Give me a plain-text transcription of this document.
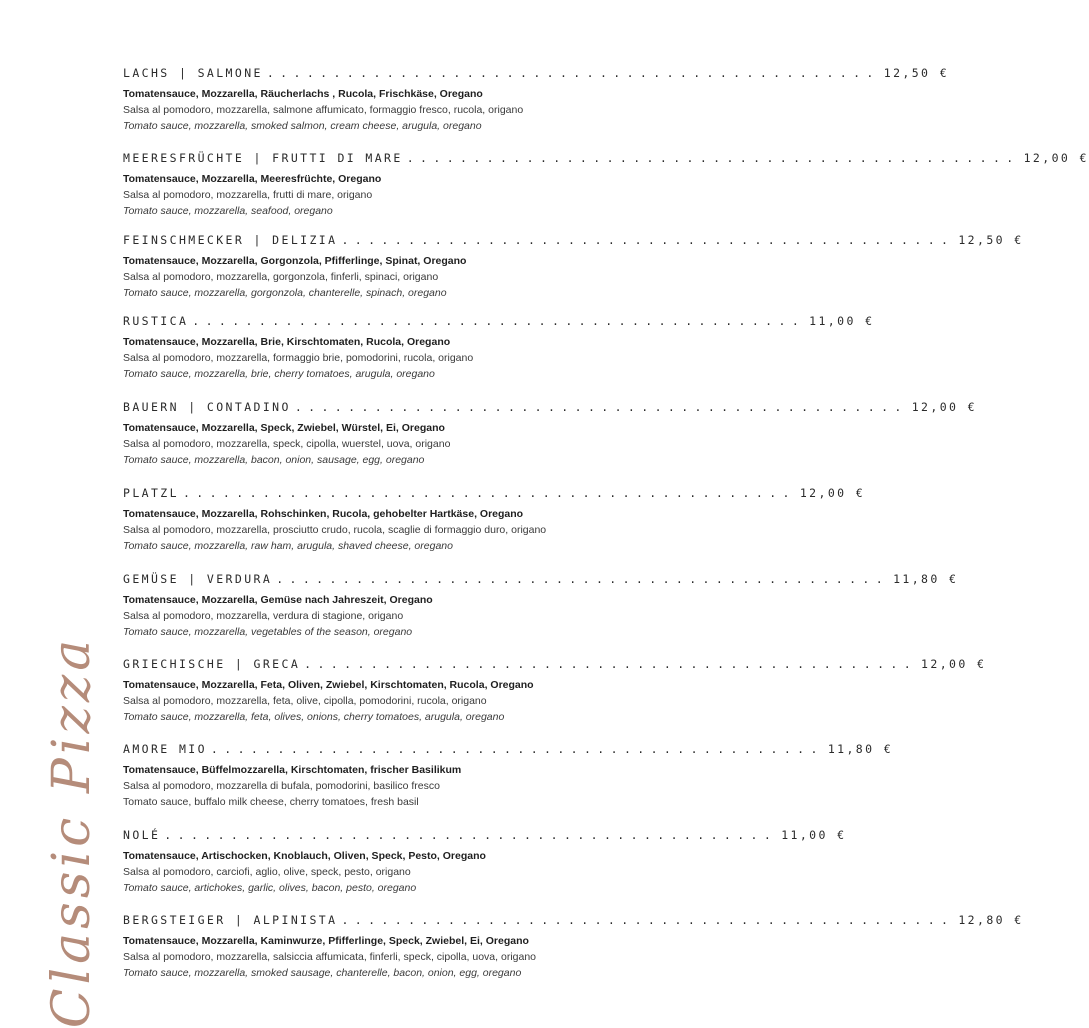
Classic Pizza
LACHS | SALMONE .............................................. 12,50 €
Tomatensauce, Mozzarella, Räucherlachs , Rucola, Frischkäse, Oregano
Salsa al pomodoro, mozzarella, salmone affumicato, formaggio fresco, rucola, origano
Tomato sauce, mozzarella, smoked salmon, cream cheese, arugula, oregano
MEERESFRÜCHTE | FRUTTI DI MARE .............................................. 12,00 €
Tomatensauce, Mozzarella, Meeresfrüchte, Oregano
Salsa al pomodoro, mozzarella, frutti di mare, origano
Tomato sauce, mozzarella, seafood, oregano
FEINSCHMECKER | DELIZIA .............................................. 12,50 €
Tomatensauce, Mozzarella, Gorgonzola, Pfifferlinge, Spinat, Oregano
Salsa al pomodoro, mozzarella, gorgonzola, finferli, spinaci, origano
Tomato sauce, mozzarella, gorgonzola, chanterelle, spinach, oregano
RUSTICA .............................................. 11,00 €
Tomatensauce, Mozzarella, Brie, Kirschtomaten, Rucola, Oregano
Salsa al pomodoro, mozzarella, formaggio brie, pomodorini, rucola, origano
Tomato sauce, mozzarella, brie, cherry tomatoes, arugula, oregano
BAUERN | CONTADINO .............................................. 12,00 €
Tomatensauce, Mozzarella, Speck, Zwiebel, Würstel, Ei, Oregano
Salsa al pomodoro, mozzarella, speck, cipolla, wuerstel, uova, origano
Tomato sauce, mozzarella, bacon, onion, sausage, egg, oregano
PLATZL .............................................. 12,00 €
Tomatensauce, Mozzarella, Rohschinken, Rucola, gehobelter Hartkäse, Oregano
Salsa al pomodoro, mozzarella, prosciutto crudo, rucola, scaglie di formaggio duro, origano
Tomato sauce, mozzarella, raw ham, arugula, shaved cheese, oregano
GEMÜSE | VERDURA .............................................. 11,80 €
Tomatensauce, Mozzarella, Gemüse nach Jahreszeit, Oregano
Salsa al pomodoro, mozzarella, verdura di stagione, origano
Tomato sauce, mozzarella, vegetables of the season, oregano
GRIECHISCHE | GRECA .............................................. 12,00 €
Tomatensauce, Mozzarella, Feta, Oliven, Zwiebel, Kirschtomaten, Rucola, Oregano
Salsa al pomodoro, mozzarella, feta, olive, cipolla, pomodorini, rucola, origano
Tomato sauce, mozzarella, feta, olives, onions, cherry tomatoes, arugula, oregano
AMORE MIO .............................................. 11,80 €
Tomatensauce, Büffelmozzarella, Kirschtomaten, frischer Basilikum
Salsa al pomodoro, mozzarella di bufala, pomodorini, basilico fresco
Tomato sauce, buffalo milk cheese, cherry tomatoes, fresh basil
NOLÉ .............................................. 11,00 €
Tomatensauce, Artischocken, Knoblauch, Oliven, Speck, Pesto, Oregano
Salsa al pomodoro, carciofi, aglio, olive, speck, pesto, origano
Tomato sauce, artichokes, garlic, olives, bacon, pesto, oregano
BERGSTEIGER | ALPINISTA .............................................. 12,80 €
Tomatensauce, Mozzarella, Kaminwurze, Pfifferlinge, Speck, Zwiebel, Ei, Oregano
Salsa al pomodoro, mozzarella, salsiccia affumicata, finferli, speck, cipolla, uova, origano
Tomato sauce, mozzarella, smoked sausage, chanterelle, bacon, onion, egg, oregano
